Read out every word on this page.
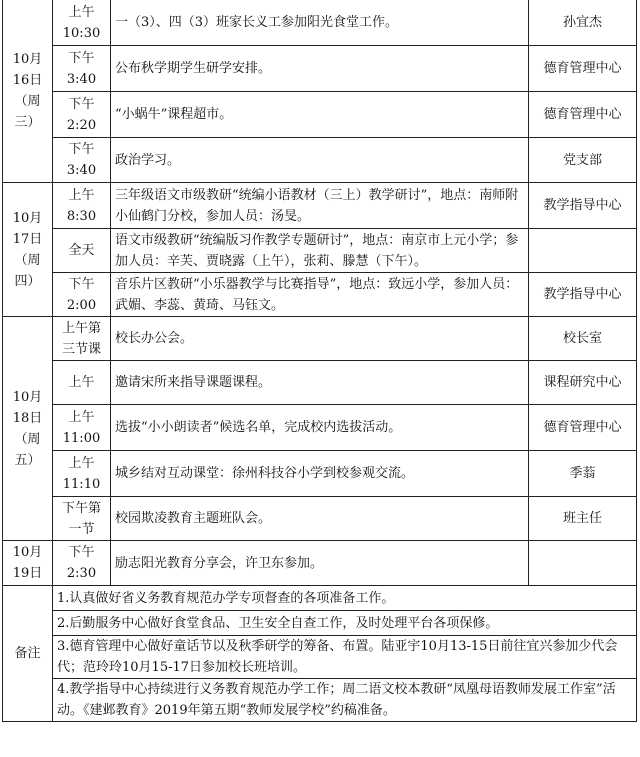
10月
16日
（周
三）	上午
10:30	一（3）、四（3）班家长义工参加阳光食堂工作。	孙宜杰
	下午
3:40	公布秋学期学生研学安排。	德育管理中心
	下午
2:20	“小蜗牛”课程超市。	德育管理中心
	下午
3:40	政治学习。	党支部
10月
17日
（周
四）	上午
8:30	三年级语文市级教研“统编小语教材（三上）教学研讨”，地点：南师附小仙鹤门分校，参加人员：汤旻。	教学指导中心
	全天	语文市级教研“统编版习作教学专题研讨”，地点：南京市上元小学；参加人员：辛芙、贾晓露（上午），张莉、滕慧（下午）。	
	下午
2:00	音乐片区教研“小乐器教学与比赛指导”，地点：致远小学，参加人员：武媚、李蕊、黄琦、马钰文。	教学指导中心
10月
18日
（周
五）	上午第
三节课	校长办公会。	校长室
	上午	邀请宋所来指导课题课程。	课程研究中心
	上午
11:00	选拔“小小朗读者”候选名单，完成校内选拔活动。	德育管理中心
	上午
11:10	城乡结对互动课堂：徐州科技谷小学到校参观交流。	季蓊
	下午第
一节	校园欺凌教育主题班队会。	班主任
10月
19日	下午
2:30	励志阳光教育分享会，许卫东参加。	
备注	1.认真做好省义务教育规范办学专项督查的各项准备工作。		
	2.后勤服务中心做好食堂食品、卫生安全自查工作，及时处理平台各项保修。		
	3.德育管理中心做好童话节以及秋季研学的筹备、布置。陆亚宇10月13-15日前往宜兴参加少代会代；范玲玲10月15-17日参加校长班培训。		
	4.教学指导中心持续进行义务教育规范办学工作；周二语文校本教研“凤凰母语教师发展工作室”活动。《建邺教育》2019年第五期“教师发展学校”约稿准备。		
